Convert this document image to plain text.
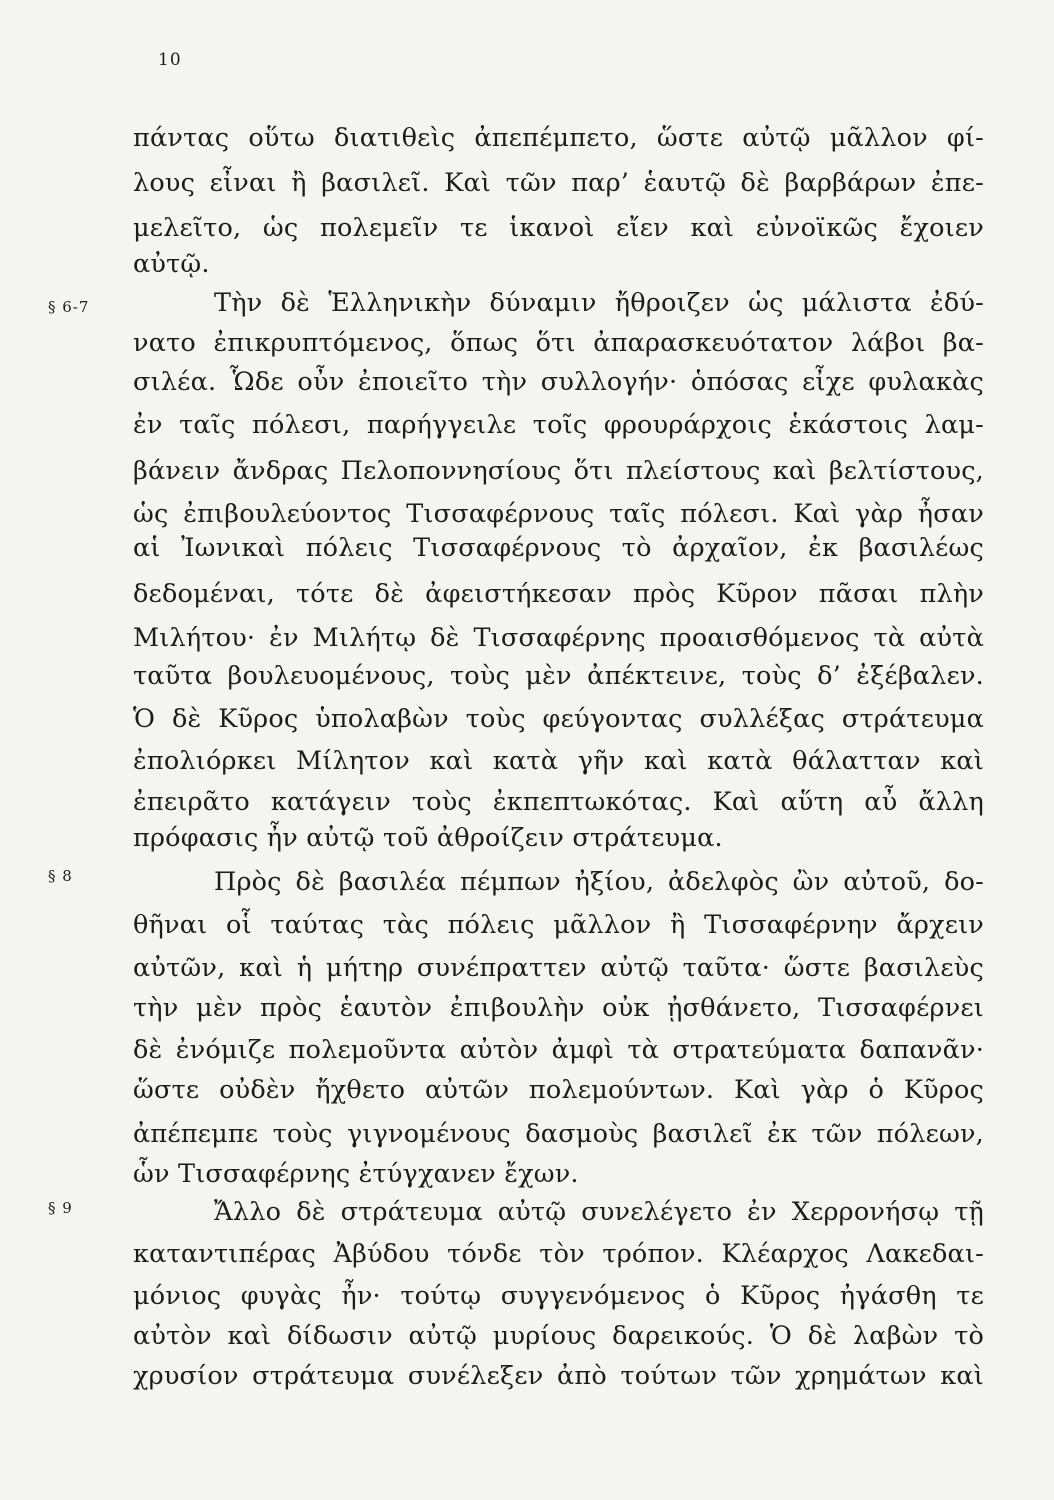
10
§ 6-7
§ 8
§ 9
πάντας οὕτω διατιθεὶς ἀπεπέμπετο, ὥστε αὐτῷ μᾶλλον φί-
λους εἶναι ἢ βασιλεῖ. Καὶ τῶν παρ’ ἑαυτῷ δὲ βαρβάρων ἐπε-
μελεῖτο, ὡς πολεμεῖν τε ἱκανοὶ εἴεν καὶ εὐνοϊκῶς ἔχοιεν
αὐτῷ.
Τὴν δὲ Ἑλληνικὴν δύναμιν ἤθροιζεν ὡς μάλιστα ἐδύ-
νατο ἐπικρυπτόμενος, ὅπως ὅτι ἀπαρασκευότατον λάβοι βα-
σιλέα. Ὧδε οὖν ἐποιεῖτο τὴν συλλογήν· ὁπόσας εἶχε φυλακὰς
ἐν ταῖς πόλεσι, παρήγγειλε τοῖς φρουράρχοις ἑκάστοις λαμ-
βάνειν ἄνδρας Πελοποννησίους ὅτι πλείστους καὶ βελτίστους,
ὡς ἐπιβουλεύοντος Τισσαφέρνους ταῖς πόλεσι. Καὶ γὰρ ἦσαν
αἱ Ἰωνικαὶ πόλεις Τισσαφέρνους τὸ ἀρχαῖον, ἐκ βασιλέως
δεδομέναι, τότε δὲ ἀφειστήκεσαν πρὸς Κῦρον πᾶσαι πλὴν
Μιλήτου· ἐν Μιλήτῳ δὲ Τισσαφέρνης προαισθόμενος τὰ αὐτὰ
ταῦτα βουλευομένους, τοὺς μὲν ἀπέκτεινε, τοὺς δ’ ἐξέβαλεν.
Ὁ δὲ Κῦρος ὑπολαβὼν τοὺς φεύγοντας συλλέξας στράτευμα
ἐπολιόρκει Μίλητον καὶ κατὰ γῆν καὶ κατὰ θάλατταν καὶ
ἐπειρᾶτο κατάγειν τοὺς ἐκπεπτωκότας. Καὶ αὕτη αὖ ἄλλη
πρόφασις ἦν αὐτῷ τοῦ ἀθροίζειν στράτευμα.
Πρὸς δὲ βασιλέα πέμπων ἠξίου, ἀδελφὸς ὢν αὐτοῦ, δο-
θῆναι οἷ ταύτας τὰς πόλεις μᾶλλον ἢ Τισσαφέρνην ἄρχειν
αὐτῶν, καὶ ἡ μήτηρ συνέπραττεν αὐτῷ ταῦτα· ὥστε βασιλεὺς
τὴν μὲν πρὸς ἑαυτὸν ἐπιβουλὴν οὐκ ᾐσθάνετο, Τισσαφέρνει
δὲ ἐνόμιζε πολεμοῦντα αὐτὸν ἀμφὶ τὰ στρατεύματα δαπανᾶν·
ὥστε οὐδὲν ἤχθετο αὐτῶν πολεμούντων. Καὶ γὰρ ὁ Κῦρος
ἀπέπεμπε τοὺς γιγνομένους δασμοὺς βασιλεῖ ἐκ τῶν πόλεων,
ὧν Τισσαφέρνης ἐτύγχανεν ἔχων.
Ἄλλο δὲ στράτευμα αὐτῷ συνελέγετο ἐν Χερρονήσῳ τῇ
καταντιπέρας Ἀβύδου τόνδε τὸν τρόπον. Κλέαρχος Λακεδαι-
μόνιος φυγὰς ἦν· τούτῳ συγγενόμενος ὁ Κῦρος ἠγάσθη τε
αὐτὸν καὶ δίδωσιν αὐτῷ μυρίους δαρεικούς. Ὁ δὲ λαβὼν τὸ
χρυσίον στράτευμα συνέλεξεν ἀπὸ τούτων τῶν χρημάτων καὶ
